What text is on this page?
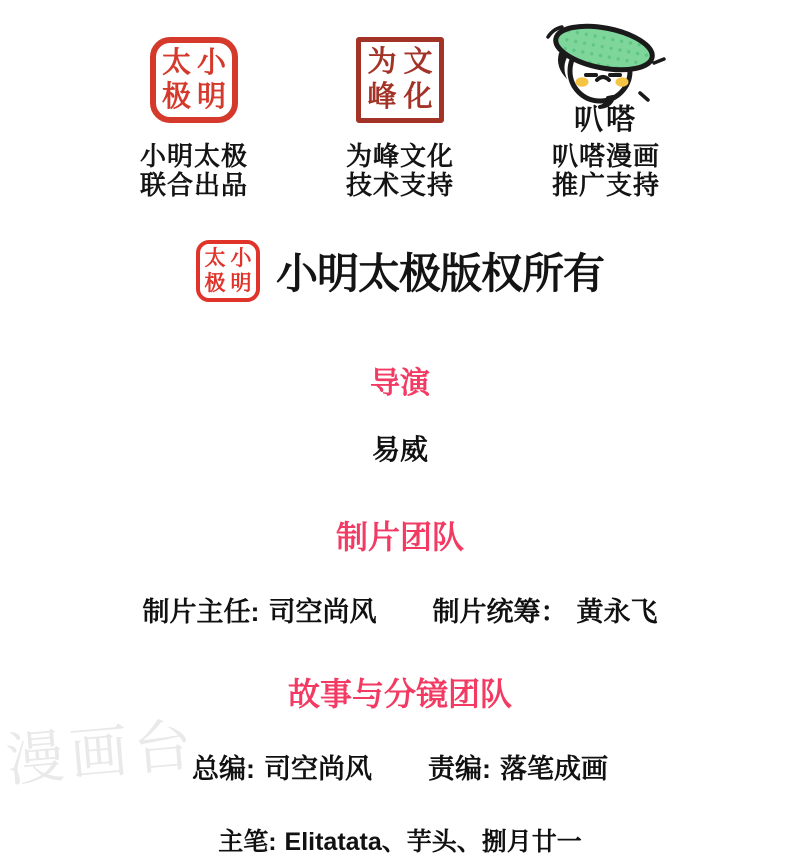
漫画台
太 小
极 明
小明太极
联合出品
为 文
峰 化
为峰文化
技术支持
叭嗒
叭嗒漫画
推广支持
太 小
极 明 小明太极版权所有
导演
易威
制片团队
制片主任: 司空尚风 制片统筹： 黄永飞
故事与分镜团队
总编: 司空尚风 责编: 落笔成画
主笔: Elitatata、芋头、捌月廿一
